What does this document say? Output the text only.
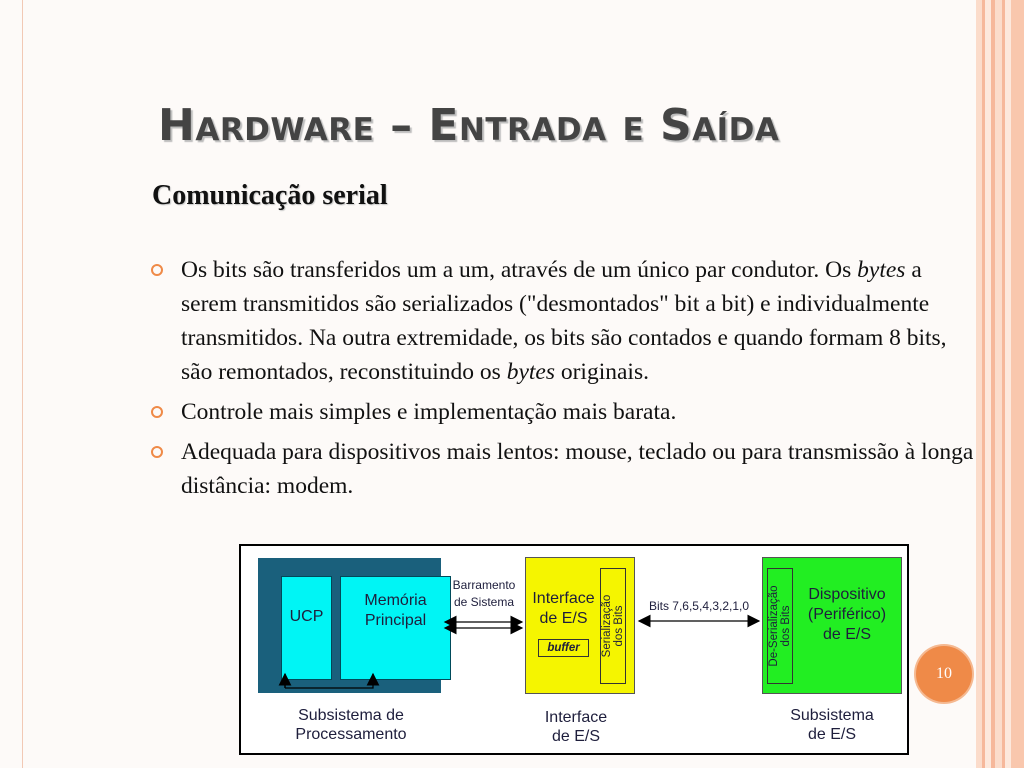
Hardware – Entrada e Saída
Comunicação serial
Os bits são transferidos um a um, através de um único par condutor. Os bytes a serem transmitidos são serializados ("desmontados" bit a bit) e individualmente transmitidos. Na outra extremidade, os bits são contados e quando formam 8 bits, são remontados, reconstituindo os bytes originais.
Controle mais simples e implementação mais barata.
Adequada para dispositivos mais lentos: mouse, teclado ou para transmissão à longa distância: modem.
UCP
Memória
Principal
Interface
de E/S
buffer	Serialização
dos Bits	De-Serialização
dos Bits
Dispositivo
(Periférico)
de E/S
Barramento
de Sistema	Bits 7,6,5,4,3,2,1,0
Subsistema de
Processamento
Interface
de E/S
Subsistema
de E/S
10
